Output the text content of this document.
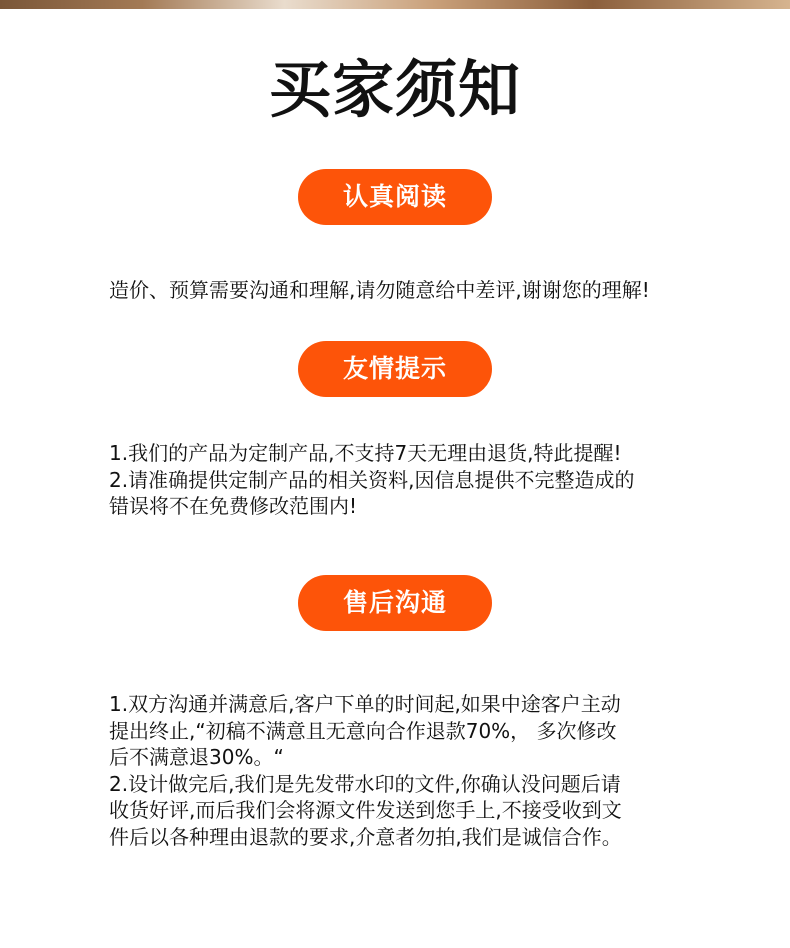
买家须知
认真阅读
造价、预算需要沟通和理解,请勿随意给中差评,谢谢您的理解!
友情提示
1.我们的产品为定制产品,不支持7天无理由退货,特此提醒!
2.请准确提供定制产品的相关资料,因信息提供不完整造成的
错误将不在免费修改范围内!
售后沟通
1.双方沟通并满意后,客户下单的时间起,如果中途客户主动
提出终止,“初稿不满意且无意向合作退款70%， 多次修改
后不满意退30%。“
2.设计做完后,我们是先发带水印的文件,你确认没问题后请
收货好评,而后我们会将源文件发送到您手上,不接受收到文
件后以各种理由退款的要求,介意者勿拍,我们是诚信合作。
